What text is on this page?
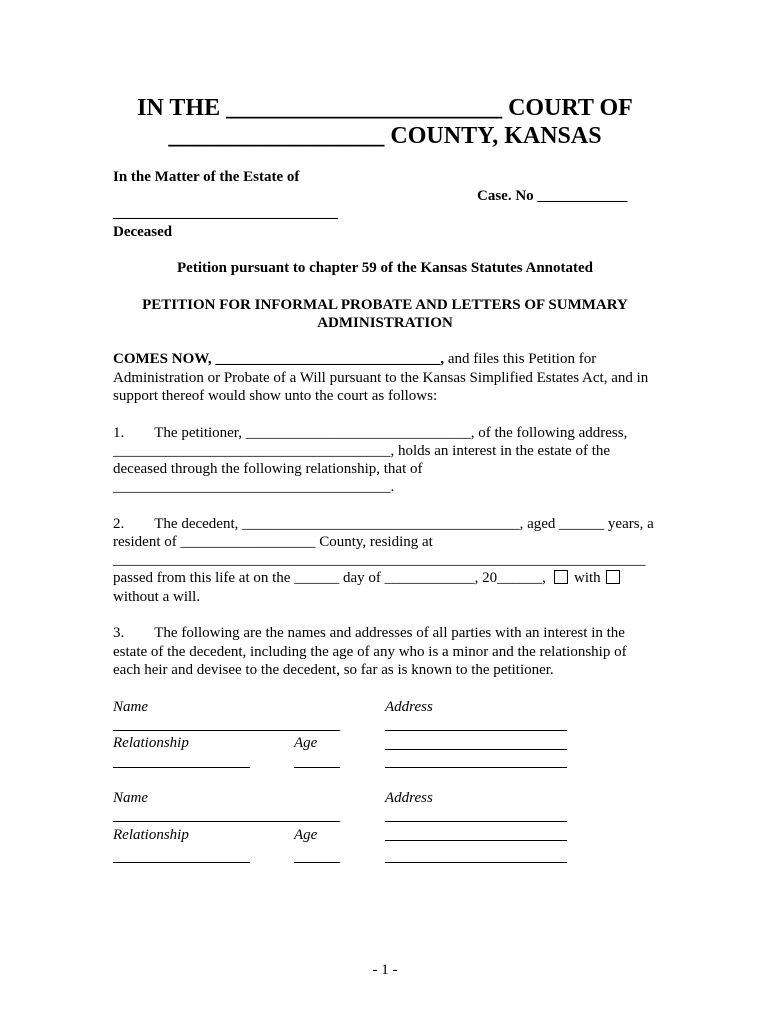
IN THE _______________________ COURT OF
__________________ COUNTY, KANSAS
In the Matter of the Estate of
Case. No ____________
______________________________
Deceased
Petition pursuant to chapter 59 of the Kansas Statutes Annotated
PETITION FOR INFORMAL PROBATE AND LETTERS OF SUMMARY
ADMINISTRATION
COMES NOW, ______________________________, and files this Petition for
Administration or Probate of a Will pursuant to the Kansas Simplified Estates Act, and in
support thereof would show unto the court as follows:
1.  The petitioner, ______________________________, of the following address,
_____________________________________, holds an interest in the estate of the
deceased through the following relationship, that of
_____________________________________.
2.  The decedent, _____________________________________, aged ______ years, a
resident of __________________ County, residing at
_______________________________________________________________________
passed from this life at on the ______ day of ____________, 20______, with
without a will.
3.  The following are the names and addresses of all parties with an interest in the
estate of the decedent, including the age of any who is a minor and the relationship of
each heir and devisee to the decedent, so far as is known to the petitioner.
Name	Address
Relationship	Age
Name	Address
Relationship	Age
- 1 -
